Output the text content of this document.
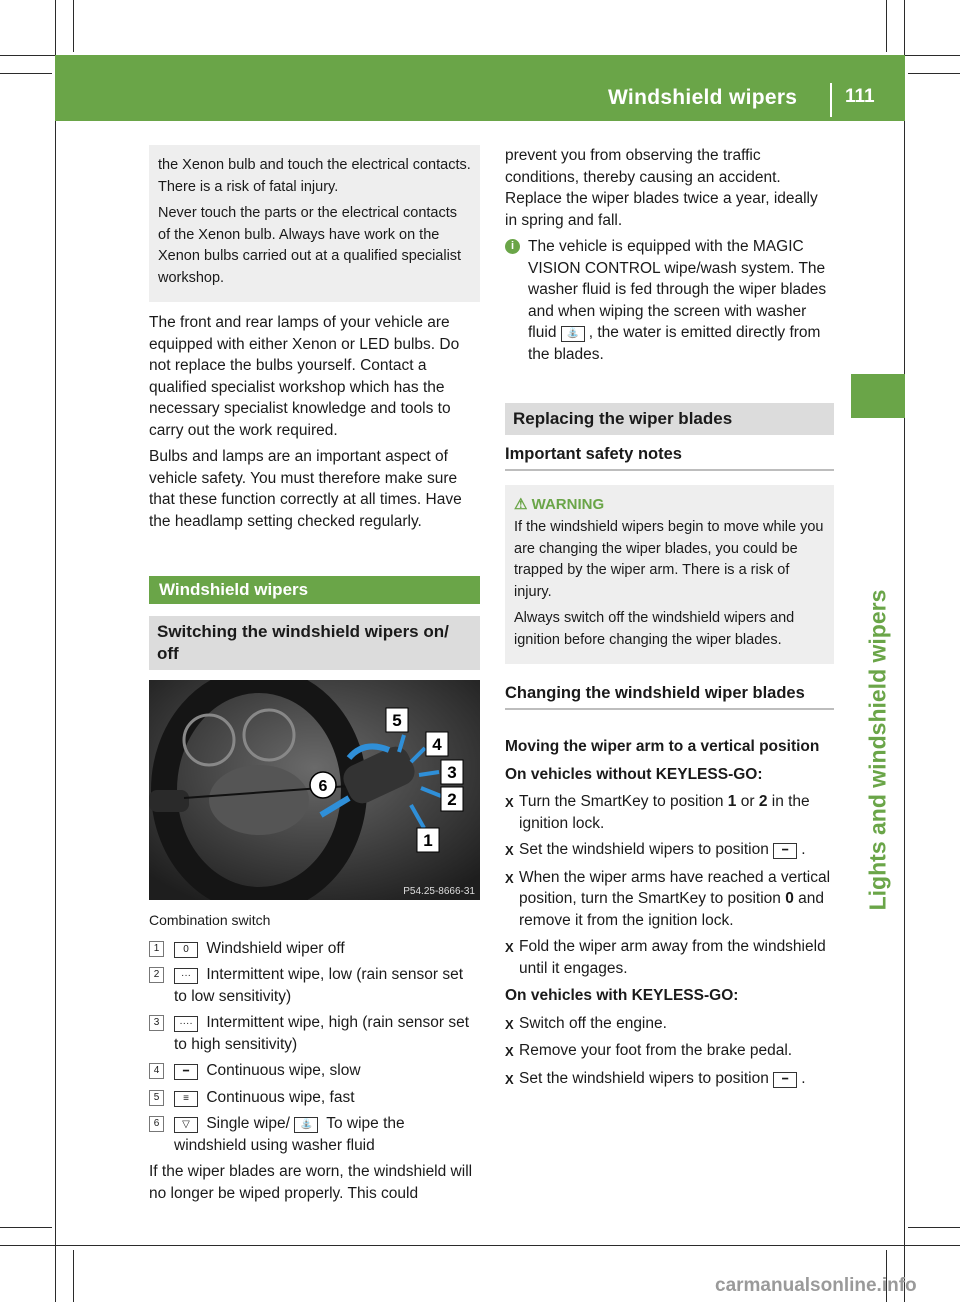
Windshield wipers	111
Lights and windshield wipers

the Xenon bulb and touch the electrical contacts. There is a risk of fatal injury.

Never touch the parts or the electrical contacts of the Xenon bulb. Always have work on the Xenon bulbs carried out at a qualified specialist workshop.

The front and rear lamps of your vehicle are equipped with either Xenon or LED bulbs. Do not replace the bulbs yourself. Contact a qualified specialist workshop which has the necessary specialist knowledge and tools to carry out the work required.

Bulbs and lamps are an important aspect of vehicle safety. You must therefore make sure that these function correctly at all times. Have the headlamp setting checked regularly.

Windshield wipers
Switching the windshield wipers on/ off
5
4
3
2
1
6
P54.25-8666-31

Combination switch

1	0 Windshield wiper off
2	··· Intermittent wipe, low (rain sensor set to low sensitivity)
3	···· Intermittent wipe, high (rain sensor set to high sensitivity)
4	━ Continuous wipe, slow
5	≡ Continuous wipe, fast
6	▽ Single wipe/ ⛲ To wipe the windshield using washer fluid

If the wiper blades are worn, the windshield will no longer be wiped properly. This could

prevent you from observing the traffic conditions, thereby causing an accident. Replace the wiper blades twice a year, ideally in spring and fall.

i The vehicle is equipped with the MAGIC VISION CONTROL wipe/wash system. The washer fluid is fed through the wiper blades and when wiping the screen with washer fluid ⛲ , the water is emitted directly from the blades.

Replacing the wiper blades
Important safety notes
⚠ WARNING

If the windshield wipers begin to move while you are changing the wiper blades, you could be trapped by the wiper arm. There is a risk of injury.

Always switch off the windshield wipers and ignition before changing the wiper blades.

Changing the windshield wiper blades

Moving the wiper arm to a vertical position

On vehicles without KEYLESS-GO:

X Turn the SmartKey to position 1 or 2 in the ignition lock.
X Set the windshield wipers to position ━ .
X When the wiper arms have reached a vertical position, turn the SmartKey to position 0 and remove it from the ignition lock.
X Fold the wiper arm away from the windshield until it engages.

On vehicles with KEYLESS-GO:

X Switch off the engine.
X Remove your foot from the brake pedal.
X Set the windshield wipers to position ━ .
carmanualsonline.info
